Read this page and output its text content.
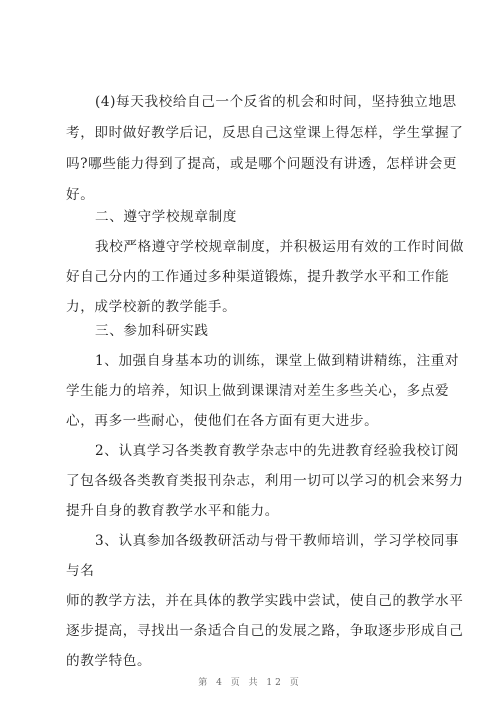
(4)每天我校给自己一个反省的机会和时间，坚持独立地思
考，即时做好教学后记，反思自己这堂课上得怎样，学生掌握了
吗?哪些能力得到了提高，或是哪个问题没有讲透，怎样讲会更
好。
二、遵守学校规章制度
我校严格遵守学校规章制度，并积极运用有效的工作时间做
好自己分内的工作通过多种渠道锻炼，提升教学水平和工作能
力，成学校新的教学能手。
三、参加科研实践
1、加强自身基本功的训练，课堂上做到精讲精练，注重对
学生能力的培养，知识上做到课课清对差生多些关心，多点爱
心，再多一些耐心，使他们在各方面有更大进步。
2、认真学习各类教育教学杂志中的先进教育经验我校订阅
了包各级各类教育类报刊杂志，利用一切可以学习的机会来努力
提升自身的教育教学水平和能力。
3、认真参加各级教研活动与骨干教师培训，学习学校同事
与名
师的教学方法，并在具体的教学实践中尝试，使自己的教学水平
逐步提高，寻找出一条适合自己的发展之路，争取逐步形成自己
的教学特色。
第 4 页 共 12 页
